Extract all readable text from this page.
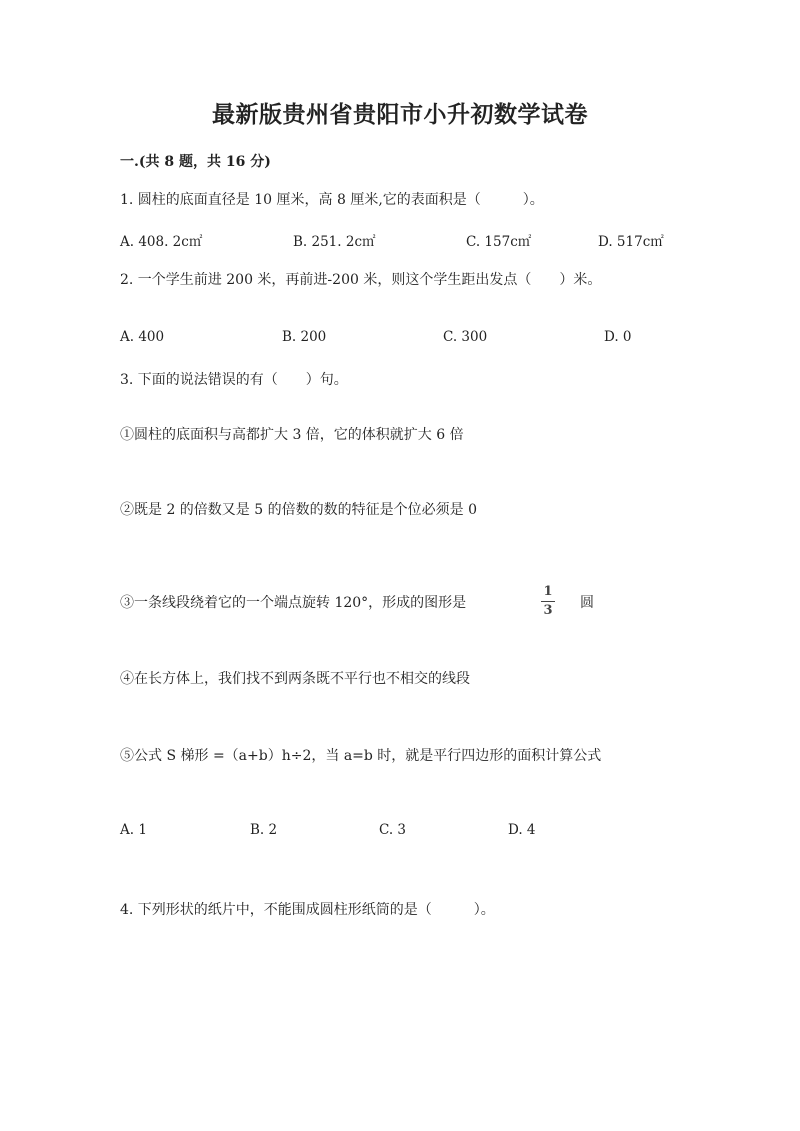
最新版贵州省贵阳市小升初数学试卷
一.(共 8 题，共 16 分)
1. 圆柱的底面直径是 10 厘米，高 8 厘米,它的表面积是（　　　）。
A. 408. 2c㎡	B. 251. 2c㎡	C. 157c㎡	D. 517c㎡
2. 一个学生前进 200 米，再前进-200 米，则这个学生距出发点（　　）米。
A. 400	B. 200	C. 300	D. 0
3. 下面的说法错误的有（　　）句。
①圆柱的底面积与高都扩大 3 倍，它的体积就扩大 6 倍
②既是 2 的倍数又是 5 的倍数的数的特征是个位必须是 0
③一条线段绕着它的一个端点旋转 120°，形成的图形是
1
3 圆
④在长方体上，我们找不到两条既不平行也不相交的线段
⑤公式 S 梯形 =（a+b）h÷2，当 a=b 时，就是平行四边形的面积计算公式
A. 1	B. 2	C. 3	D. 4
4. 下列形状的纸片中，不能围成圆柱形纸筒的是（　　　）。
